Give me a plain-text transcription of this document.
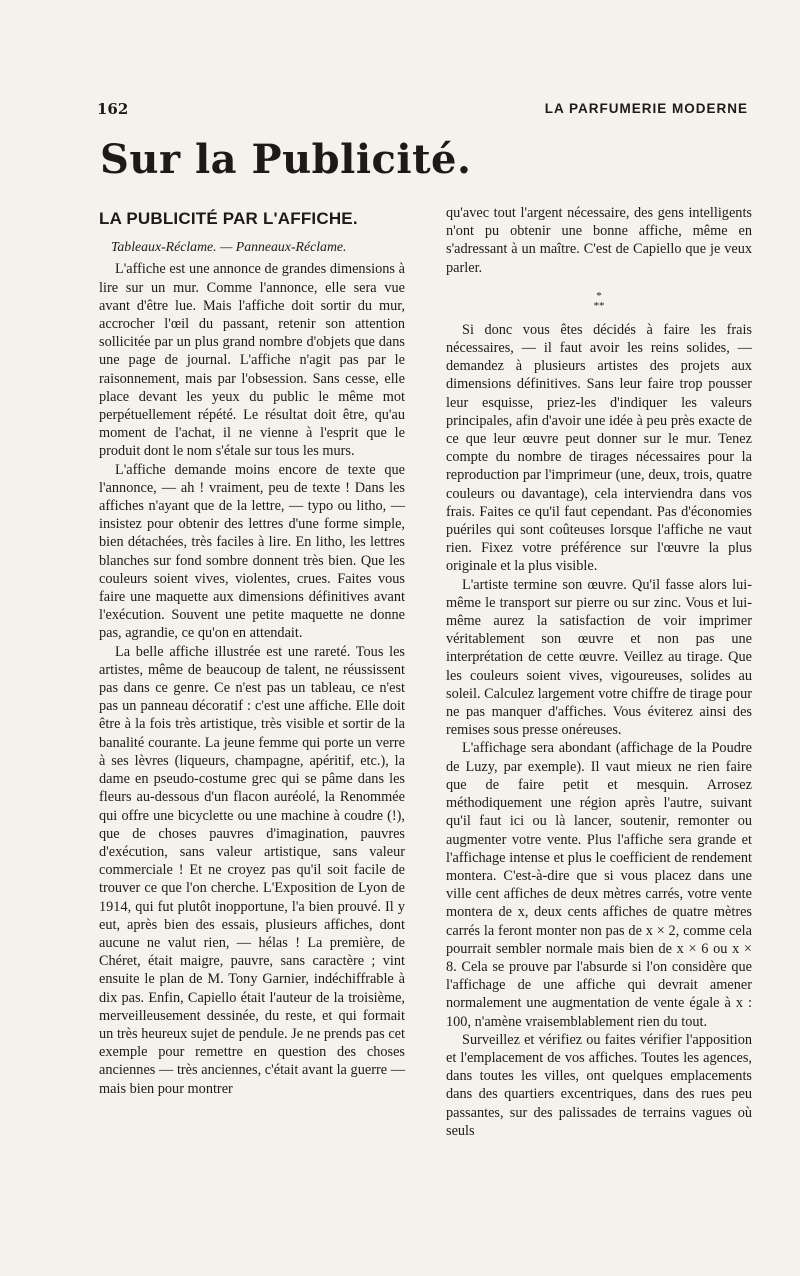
162	LA PARFUMERIE MODERNE
Sur la Publicité.
LA PUBLICITÉ PAR L'AFFICHE.
Tableaux-Réclame. — Panneaux-Réclame.

L'affiche est une annonce de grandes dimensions à lire sur un mur. Comme l'annonce, elle sera vue avant d'être lue. Mais l'affiche doit sortir du mur, accrocher l'œil du passant, retenir son attention sollicitée par un plus grand nombre d'objets que dans une page de journal. L'affiche n'agit pas par le raisonnement, mais par l'obsession. Sans cesse, elle place devant les yeux du public le même mot perpétuellement répété. Le résultat doit être, qu'au moment de l'achat, il ne vienne à l'esprit que le produit dont le nom s'étale sur tous les murs.

L'affiche demande moins encore de texte que l'annonce, — ah ! vraiment, peu de texte ! Dans les affiches n'ayant que de la lettre, — typo ou litho, — insistez pour obtenir des lettres d'une forme simple, bien détachées, très faciles à lire. En litho, les lettres blanches sur fond sombre donnent très bien. Que les couleurs soient vives, violentes, crues. Faites vous faire une maquette aux dimensions définitives avant l'exécution. Souvent une petite maquette ne donne pas, agrandie, ce qu'on en attendait.

La belle affiche illustrée est une rareté. Tous les artistes, même de beaucoup de talent, ne réussissent pas dans ce genre. Ce n'est pas un tableau, ce n'est pas un panneau décoratif : c'est une affiche. Elle doit être à la fois très artistique, très visible et sortir de la banalité courante. La jeune femme qui porte un verre à ses lèvres (liqueurs, champagne, apéritif, etc.), la dame en pseudo-costume grec qui se pâme dans les fleurs au-dessous d'un flacon auréolé, la Renommée qui offre une bicyclette ou une machine à coudre (!), que de choses pauvres d'imagination, pauvres d'exécution, sans valeur artistique, sans valeur commerciale ! Et ne croyez pas qu'il soit facile de trouver ce que l'on cherche. L'Exposition de Lyon de 1914, qui fut plutôt inopportune, l'a bien prouvé. Il y eut, après bien des essais, plusieurs affiches, dont aucune ne valut rien, — hélas ! La première, de Chéret, était maigre, pauvre, sans caractère ; vint ensuite le plan de M. Tony Garnier, indéchiffrable à dix pas. Enfin, Capiello était l'auteur de la troisième, merveilleusement dessinée, du reste, et qui formait un très heureux sujet de pendule. Je ne prends pas cet exemple pour remettre en question des choses anciennes — très anciennes, c'était avant la guerre — mais bien pour montrer

qu'avec tout l'argent nécessaire, des gens intelligents n'ont pu obtenir une bonne affiche, même en s'adressant à un maître. C'est de Capiello que je veux parler.

*
**

Si donc vous êtes décidés à faire les frais nécessaires, — il faut avoir les reins solides, — demandez à plusieurs artistes des projets aux dimensions définitives. Sans leur faire trop pousser leur esquisse, priez-les d'indiquer les valeurs principales, afin d'avoir une idée à peu près exacte de ce que leur œuvre peut donner sur le mur. Tenez compte du nombre de tirages nécessaires pour la reproduction par l'imprimeur (une, deux, trois, quatre couleurs ou davantage), cela interviendra dans vos frais. Faites ce qu'il faut cependant. Pas d'économies puériles qui sont coûteuses lorsque l'affiche ne vaut rien. Fixez votre préférence sur l'œuvre la plus originale et la plus visible.

L'artiste termine son œuvre. Qu'il fasse alors lui-même le transport sur pierre ou sur zinc. Vous et lui-même aurez la satisfaction de voir imprimer véritablement son œuvre et non pas une interprétation de cette œuvre. Veillez au tirage. Que les couleurs soient vives, vigoureuses, solides au soleil. Calculez largement votre chiffre de tirage pour ne pas manquer d'affiches. Vous éviterez ainsi des remises sous presse onéreuses.

L'affichage sera abondant (affichage de la Poudre de Luzy, par exemple). Il vaut mieux ne rien faire que de faire petit et mesquin. Arrosez méthodiquement une région après l'autre, suivant qu'il faut ici ou là lancer, soutenir, remonter ou augmenter votre vente. Plus l'affiche sera grande et l'affichage intense et plus le coefficient de rendement montera. C'est-à-dire que si vous placez dans une ville cent affiches de deux mètres carrés, votre vente montera de x, deux cents affiches de quatre mètres carrés la feront monter non pas de x × 2, comme cela pourrait sembler normale mais bien de x × 6 ou x × 8. Cela se prouve par l'absurde si l'on considère que l'affichage de une affiche qui devrait amener normalement une augmentation de vente égale à x : 100, n'amène vraisemblablement rien du tout.

Surveillez et vérifiez ou faites vérifier l'apposition et l'emplacement de vos affiches. Toutes les agences, dans toutes les villes, ont quelques emplacements dans des quartiers excentriques, dans des rues peu passantes, sur des palissades de terrains vagues où seuls
